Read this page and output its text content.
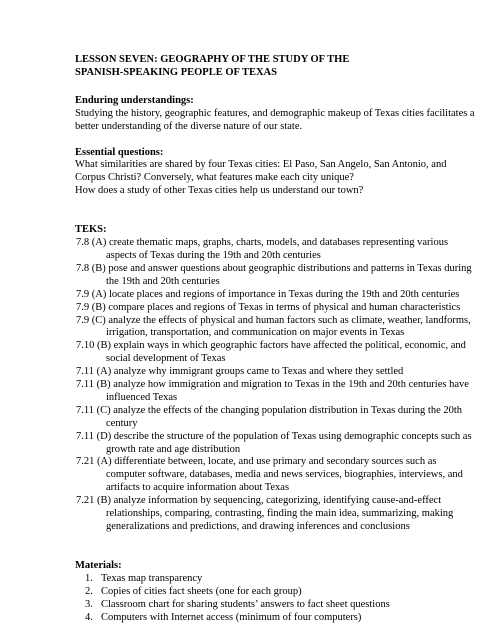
LESSON SEVEN: GEOGRAPHY OF THE STUDY OF THE SPANISH-SPEAKING PEOPLE OF TEXAS
Enduring understandings:

Studying the history, geographic features, and demographic makeup of Texas cities facilitates a better understanding of the diverse nature of our state.

Essential questions:

What similarities are shared by four Texas cities: El Paso, San Angelo, San Antonio, and Corpus Christi? Conversely, what features make each city unique?

How does a study of other Texas cities help us understand our town?

TEKS:
7.8 (A) create thematic maps, graphs, charts, models, and databases representing various aspects of Texas during the 19th and 20th centuries
7.8 (B) pose and answer questions about geographic distributions and patterns in Texas during the 19th and 20th centuries
7.9 (A) locate places and regions of importance in Texas during the 19th and 20th centuries
7.9 (B) compare places and regions of Texas in terms of physical and human characteristics
7.9 (C) analyze the effects of physical and human factors such as climate, weather, landforms, irrigation, transportation, and communication on major events in Texas
7.10 (B) explain ways in which geographic factors have affected the political, economic, and social development of Texas
7.11 (A) analyze why immigrant groups came to Texas and where they settled
7.11 (B) analyze how immigration and migration to Texas in the 19th and 20th centuries have influenced Texas
7.11 (C) analyze the effects of the changing population distribution in Texas during the 20th century
7.11 (D) describe the structure of the population of Texas using demographic concepts such as growth rate and age distribution
7.21 (A) differentiate between, locate, and use primary and secondary sources such as computer software, databases, media and news services, biographies, interviews, and artifacts to acquire information about Texas
7.21 (B) analyze information by sequencing, categorizing, identifying cause-and-effect relationships, comparing, contrasting, finding the main idea, summarizing, making generalizations and predictions, and drawing inferences and conclusions
Materials:
1. Texas map transparency
2. Copies of cities fact sheets (one for each group)
3. Classroom chart for sharing students’ answers to fact sheet questions
4. Computers with Internet access (minimum of four computers)
